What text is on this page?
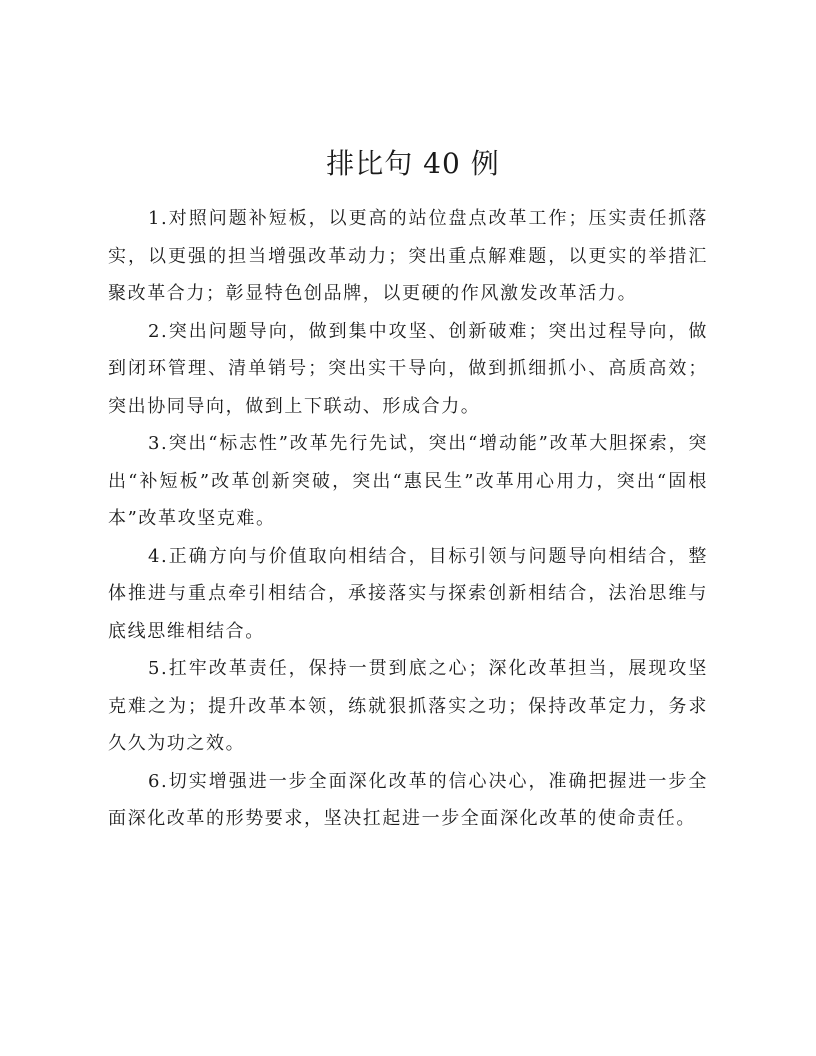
排比句 40 例

1.对照问题补短板，以更高的站位盘点改革工作；压实责任抓落实，以更强的担当增强改革动力；突出重点解难题，以更实的举措汇聚改革合力；彰显特色创品牌，以更硬的作风激发改革活力。

2.突出问题导向，做到集中攻坚、创新破难；突出过程导向，做到闭环管理、清单销号；突出实干导向，做到抓细抓小、高质高效；突出协同导向，做到上下联动、形成合力。

3.突出“标志性”改革先行先试，突出“增动能”改革大胆探索，突出“补短板”改革创新突破，突出“惠民生”改革用心用力，突出“固根本”改革攻坚克难。

4.正确方向与价值取向相结合，目标引领与问题导向相结合，整体推进与重点牵引相结合，承接落实与探索创新相结合，法治思维与底线思维相结合。

5.扛牢改革责任，保持一贯到底之心；深化改革担当，展现攻坚克难之为；提升改革本领，练就狠抓落实之功；保持改革定力，务求久久为功之效。

6.切实增强进一步全面深化改革的信心决心，准确把握进一步全面深化改革的形势要求，坚决扛起进一步全面深化改革的使命责任。
